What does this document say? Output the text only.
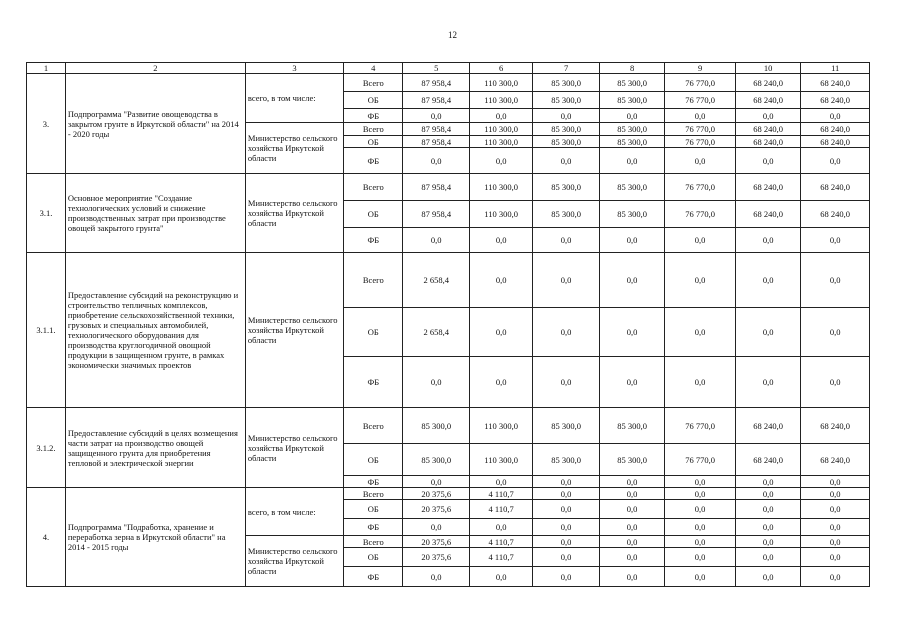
12
1	2	3	4	5	6	7	8	9	10	11
3.	Подпрограмма "Развитие овощеводства в закрытом грунте в Иркутской области" на 2014 - 2020 годы	всего, в том числе:	Всего	87 958,4	110 300,0	85 300,0	85 300,0	76 770,0	68 240,0	68 240,0
			ОБ	87 958,4	110 300,0	85 300,0	85 300,0	76 770,0	68 240,0	68 240,0
			ФБ	0,0	0,0	0,0	0,0	0,0	0,0	0,0
		Министерство сельского хозяйства Иркутской области	Всего	87 958,4	110 300,0	85 300,0	85 300,0	76 770,0	68 240,0	68 240,0
			ОБ	87 958,4	110 300,0	85 300,0	85 300,0	76 770,0	68 240,0	68 240,0
			ФБ	0,0	0,0	0,0	0,0	0,0	0,0	0,0
3.1.	Основное мероприятие "Создание технологических условий и снижение производственных затрат при производстве овощей закрытого грунта"	Министерство сельского хозяйства Иркутской области	Всего	87 958,4	110 300,0	85 300,0	85 300,0	76 770,0	68 240,0	68 240,0
			ОБ	87 958,4	110 300,0	85 300,0	85 300,0	76 770,0	68 240,0	68 240,0
			ФБ	0,0	0,0	0,0	0,0	0,0	0,0	0,0
3.1.1.	Предоставление субсидий на реконструкцию и строительство тепличных комплексов, приобретение сельскохозяйственной техники, грузовых и специальных автомобилей, технологического оборудования для производства круглогодичной овощной продукции в защищенном грунте, в рамках экономически значимых проектов	Министерство сельского хозяйства Иркутской области	Всего	2 658,4	0,0	0,0	0,0	0,0	0,0	0,0
			ОБ	2 658,4	0,0	0,0	0,0	0,0	0,0	0,0
			ФБ	0,0	0,0	0,0	0,0	0,0	0,0	0,0
3.1.2.	Предоставление субсидий в целях возмещения части затрат на производство овощей защищенного грунта для приобретения тепловой и электрической энергии	Министерство сельского хозяйства Иркутской области	Всего	85 300,0	110 300,0	85 300,0	85 300,0	76 770,0	68 240,0	68 240,0
			ОБ	85 300,0	110 300,0	85 300,0	85 300,0	76 770,0	68 240,0	68 240,0
			ФБ	0,0	0,0	0,0	0,0	0,0	0,0	0,0
4.	Подпрограмма "Подработка, хранение и переработка зерна в Иркутской области" на 2014 - 2015 годы	всего, в том числе:	Всего	20 375,6	4 110,7	0,0	0,0	0,0	0,0	0,0
			ОБ	20 375,6	4 110,7	0,0	0,0	0,0	0,0	0,0
			ФБ	0,0	0,0	0,0	0,0	0,0	0,0	0,0
		Министерство сельского хозяйства Иркутской области	Всего	20 375,6	4 110,7	0,0	0,0	0,0	0,0	0,0
			ОБ	20 375,6	4 110,7	0,0	0,0	0,0	0,0	0,0
			ФБ	0,0	0,0	0,0	0,0	0,0	0,0	0,0
